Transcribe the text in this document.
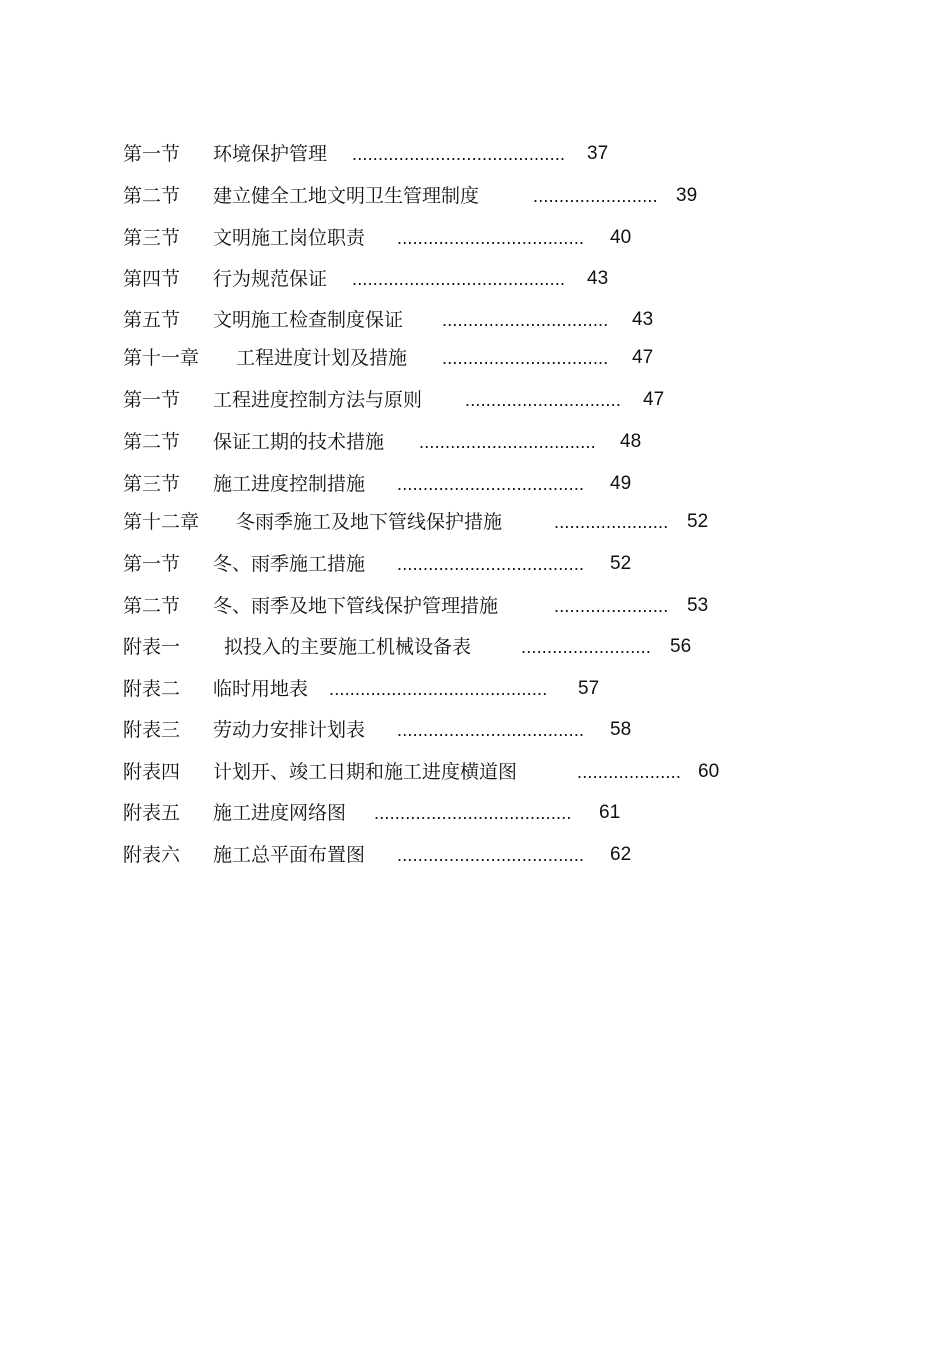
第一节 环境保护管理 ......................................... 37
第二节 建立健全工地文明卫生管理制度	........................ 39
第三节 文明施工岗位职责 .................................... 40
第四节 行为规范保证 ......................................... 43
第五节 文明施工检查制度保证 ................................ 43
第十一章 工程进度计划及措施 ................................ 47
第一节 工程进度控制方法与原则 .............................. 47
第二节 保证工期的技术措施 .................................. 48
第三节 施工进度控制措施 .................................... 49
第十二章 冬雨季施工及地下管线保护措施	...................... 52
第一节 冬、雨季施工措施 .................................... 52
第二节 冬、雨季及地下管线保护管理措施	...................... 53
附表一 拟投入的主要施工机械设备表	......................... 56
附表二 临时用地表 .......................................... 57
附表三 劳动力安排计划表 .................................... 58
附表四 计划开、竣工日期和施工进度横道图	.................... 60
附表五 施工进度网络图 ...................................... 61
附表六 施工总平面布置图 .................................... 62
